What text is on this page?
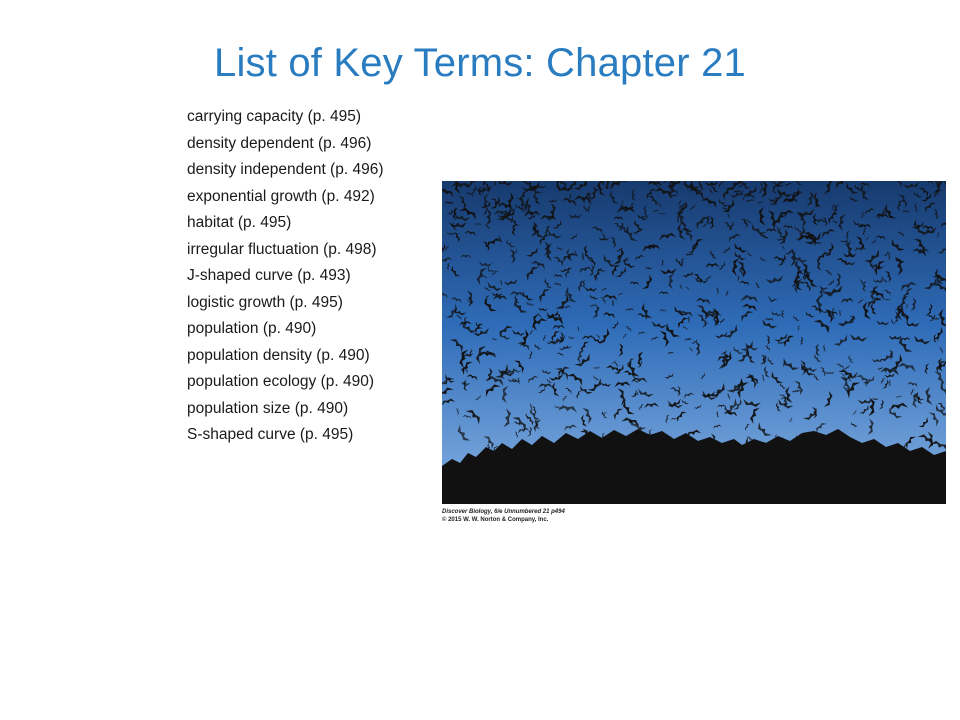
List of Key Terms: Chapter 21
carrying capacity (p. 495)
density dependent (p. 496)
density independent (p. 496)
exponential growth (p. 492)
habitat (p. 495)
irregular fluctuation (p. 498)
J-shaped curve (p. 493)
logistic growth (p. 495)
population (p. 490)
population density (p. 490)
population ecology (p. 490)
population size (p. 490)
S-shaped curve (p. 495)
Discover Biology, 6/e Unnumbered 21 p494
© 2015 W. W. Norton & Company, Inc.
